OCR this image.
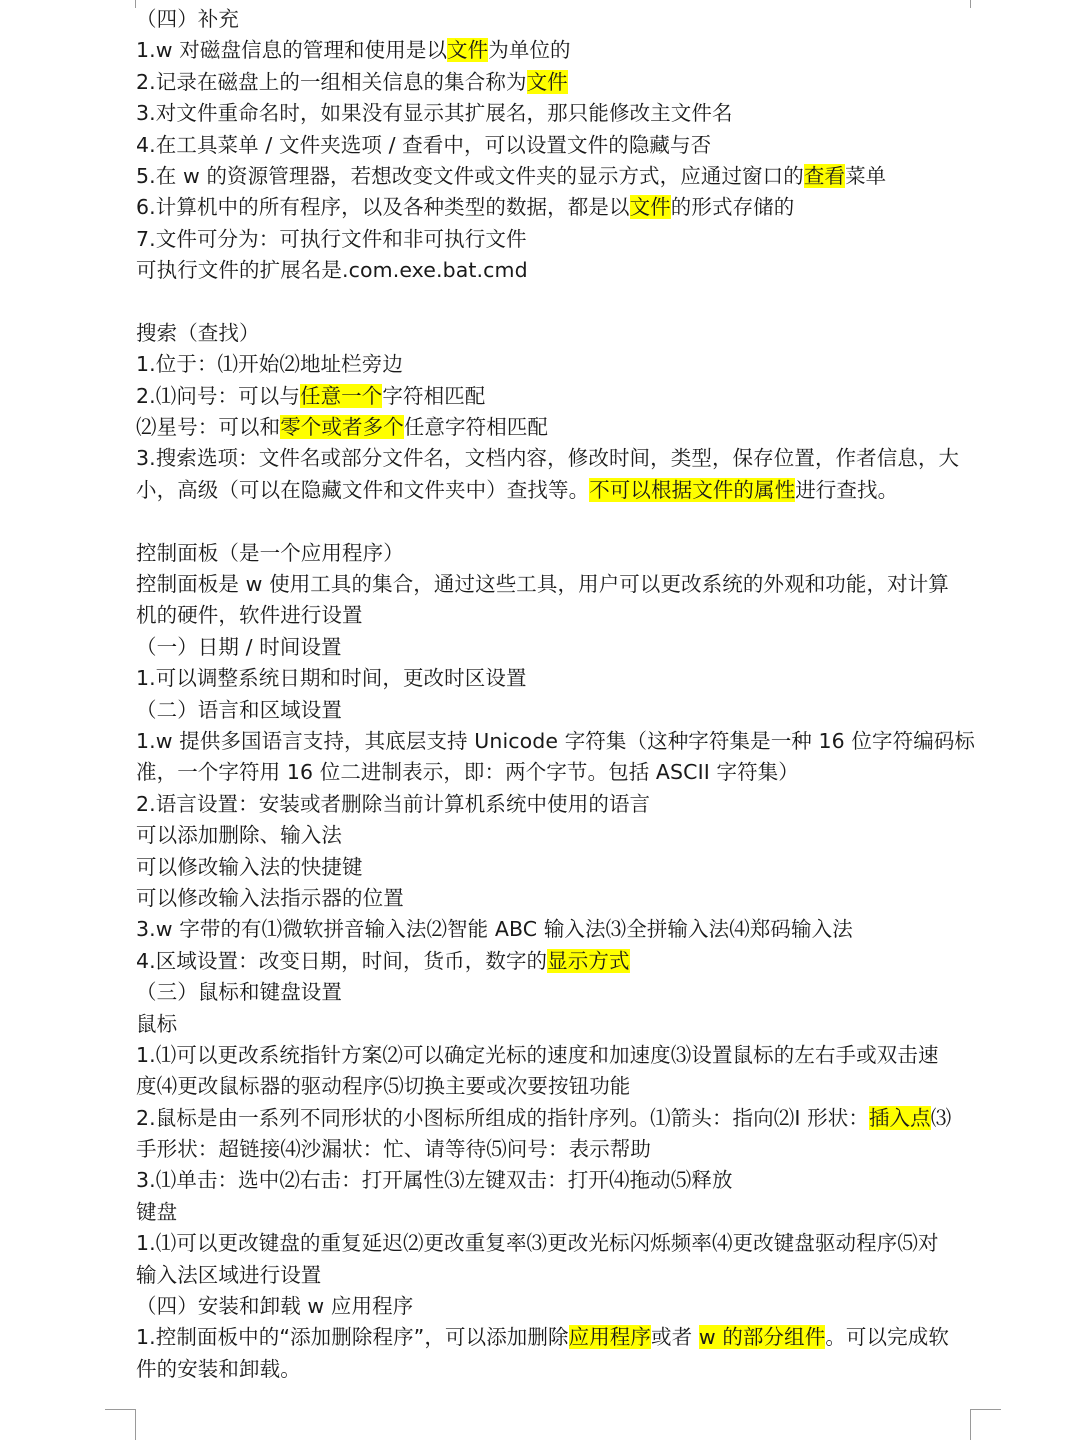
（四）补充
1.w 对磁盘信息的管理和使用是以文件为单位的
2.记录在磁盘上的一组相关信息的集合称为文件
3.对文件重命名时，如果没有显示其扩展名，那只能修改主文件名
4.在工具菜单 / 文件夹选项 / 查看中，可以设置文件的隐藏与否
5.在 w 的资源管理器，若想改变文件或文件夹的显示方式，应通过窗口的查看菜单
6.计算机中的所有程序，以及各种类型的数据，都是以文件的形式存储的
7.文件可分为：可执行文件和非可执行文件
可执行文件的扩展名是.com.exe.bat.cmd
搜索（查找）
1.位于：⑴开始⑵地址栏旁边
2.⑴问号：可以与任意一个字符相匹配
⑵星号：可以和零个或者多个任意字符相匹配
3.搜索选项：文件名或部分文件名，文档内容，修改时间，类型，保存位置，作者信息，大
小，高级（可以在隐藏文件和文件夹中）查找等。不可以根据文件的属性进行查找。
控制面板（是一个应用程序）
控制面板是 w 使用工具的集合，通过这些工具，用户可以更改系统的外观和功能，对计算
机的硬件，软件进行设置
（一）日期 / 时间设置
1.可以调整系统日期和时间，更改时区设置
（二）语言和区域设置
1.w 提供多国语言支持，其底层支持 Unicode 字符集（这种字符集是一种 16 位字符编码标
准，一个字符用 16 位二进制表示，即：两个字节。包括 ASCII 字符集）
2.语言设置：安装或者删除当前计算机系统中使用的语言
可以添加删除、输入法
可以修改输入法的快捷键
可以修改输入法指示器的位置
3.w 字带的有⑴微软拼音输入法⑵智能 ABC 输入法⑶全拼输入法⑷郑码输入法
4.区域设置：改变日期，时间，货币，数字的显示方式
（三）鼠标和键盘设置
鼠标
1.⑴可以更改系统指针方案⑵可以确定光标的速度和加速度⑶设置鼠标的左右手或双击速
度⑷更改鼠标器的驱动程序⑸切换主要或次要按钮功能
2.鼠标是由一系列不同形状的小图标所组成的指针序列。⑴箭头：指向⑵I 形状：插入点⑶
手形状：超链接⑷沙漏状：忙、请等待⑸问号：表示帮助
3.⑴单击：选中⑵右击：打开属性⑶左键双击：打开⑷拖动⑸释放
键盘
1.⑴可以更改键盘的重复延迟⑵更改重复率⑶更改光标闪烁频率⑷更改键盘驱动程序⑸对
输入法区域进行设置
（四）安装和卸载 w 应用程序
1.控制面板中的“添加删除程序”，可以添加删除应用程序或者 w 的部分组件。可以完成软
件的安装和卸载。
